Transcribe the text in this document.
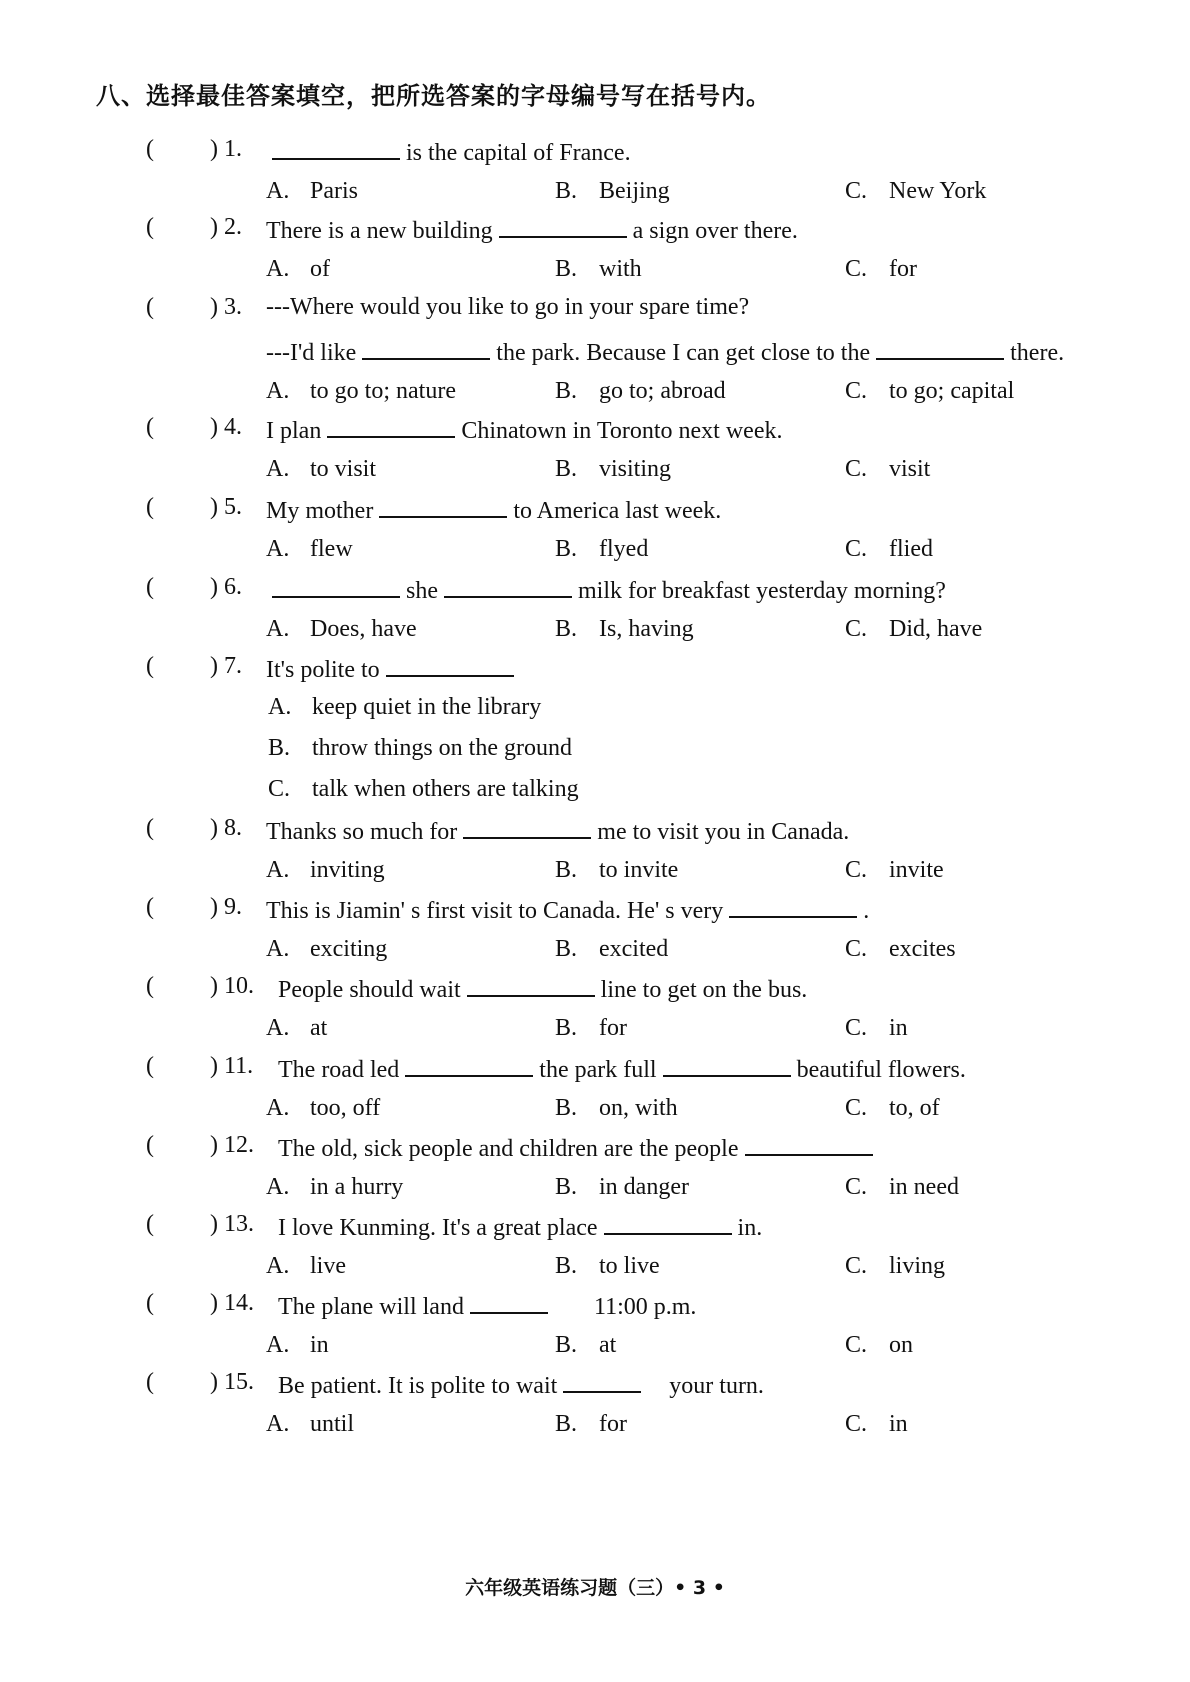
八、选择最佳答案填空，把所选答案的字母编号写在括号内。
( ) 1.	is the capital of France.
A. Paris	B. Beijing	C. New York
( ) 2. There is a new building	a sign over there.
A. of	B. with	C. for
( ) 3. ---Where would you like to go in your spare time?
---I'd like	the park. Because I can get close to the	there.
A. to go to; nature	B. go to; abroad	C. to go; capital
( ) 4. I plan	Chinatown in Toronto next week.
A. to visit	B. visiting	C. visit
( ) 5. My mother	to America last week.
A. flew	B. flyed	C. flied
( ) 6.	she	milk for breakfast yesterday morning?
A. Does, have	B. Is, having	C. Did, have
( ) 7. It's polite to
A. keep quiet in the library
B. throw things on the ground
C. talk when others are talking
( ) 8. Thanks so much for	me to visit you in Canada.
A. inviting	B. to invite	C. invite
( ) 9. This is Jiamin' s first visit to Canada. He' s very	.
A. exciting	B. excited	C. excites
( ) 10. People should wait	line to get on the bus.
A. at	B. for	C. in
( ) 11. The road led	the park full	beautiful flowers.
A. too, off	B. on, with	C. to, of
( ) 12. The old, sick people and children are the people
A. in a hurry	B. in danger	C. in need
( ) 13. I love Kunming. It's a great place	in.
A. live	B. to live	C. living
( ) 14. The plane will land	11:00 p.m.
A. in	B. at	C. on
( ) 15. Be patient. It is polite to wait	your turn.
A. until	B. for	C. in
六年级英语练习题（三）• 3 •
